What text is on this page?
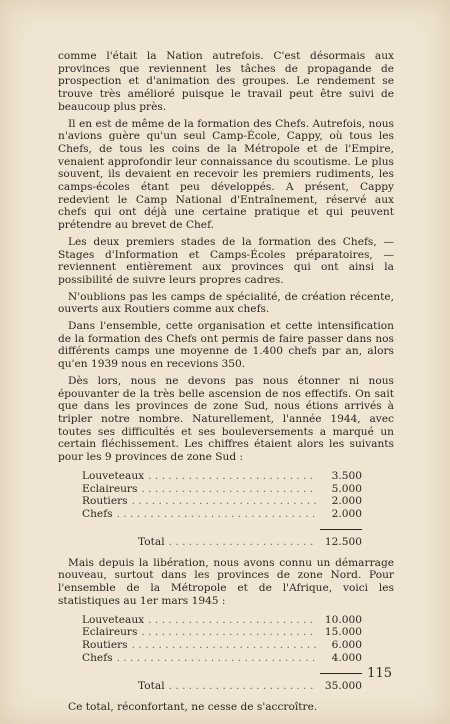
comme l'était la Nation autrefois. C'est désormais aux provinces que reviennent les tâches de propagande de prospection et d'animation des groupes. Le rendement se trouve très amélioré puisque le travail peut être suivi de beaucoup plus près.

Il en est de même de la formation des Chefs. Autrefois, nous n'avions guère qu'un seul Camp-École, Cappy, où tous les Chefs, de tous les coins de la Métropole et de l'Empire, venaient approfondir leur connaissance du scoutisme. Le plus souvent, ils devaient en recevoir les premiers rudiments, les camps-écoles étant peu développés. A présent, Cappy redevient le Camp National d'Entraînement, réservé aux chefs qui ont déjà une certaine pratique et qui peuvent prétendre au brevet de Chef.

Les deux premiers stades de la formation des Chefs, — Stages d'Information et Camps-Écoles préparatoires, — reviennent entièrement aux provinces qui ont ainsi la possibilité de suivre leurs propres cadres.

N'oublions pas les camps de spécialité, de création récente, ouverts aux Routiers comme aux chefs.

Dans l'ensemble, cette organisation et cette intensification de la formation des Chefs ont permis de faire passer dans nos différents camps une moyenne de 1.400 chefs par an, alors qu'en 1939 nous en recevions 350.

Dès lors, nous ne devons pas nous étonner ni nous épouvanter de la très belle ascension de nos effectifs. On sait que dans les provinces de zone Sud, nous étions arrivés à tripler notre nombre. Naturellement, l'année 1944, avec toutes ses difficultés et ses bouleversements a marqué un certain fléchissement. Les chiffres étaient alors les suivants pour les 9 provinces de zone Sud :

Louveteaux . . .	3.500
Eclaireurs . . .	5.000
Routiers . . .	2.000
Chefs . . .	2.000
Total . . .	12.500

Mais depuis la libération, nous avons connu un démarrage nouveau, surtout dans les provinces de zone Nord. Pour l'ensemble de la Métropole et de l'Afrique, voici les statistiques au 1er mars 1945 :

Louveteaux . . .	10.000
Eclaireurs . . .	15.000
Routiers . . .	6.000
Chefs . . .	4.000
Total . . .	35.000

Ce total, réconfortant, ne cesse de s'accroître.

115
